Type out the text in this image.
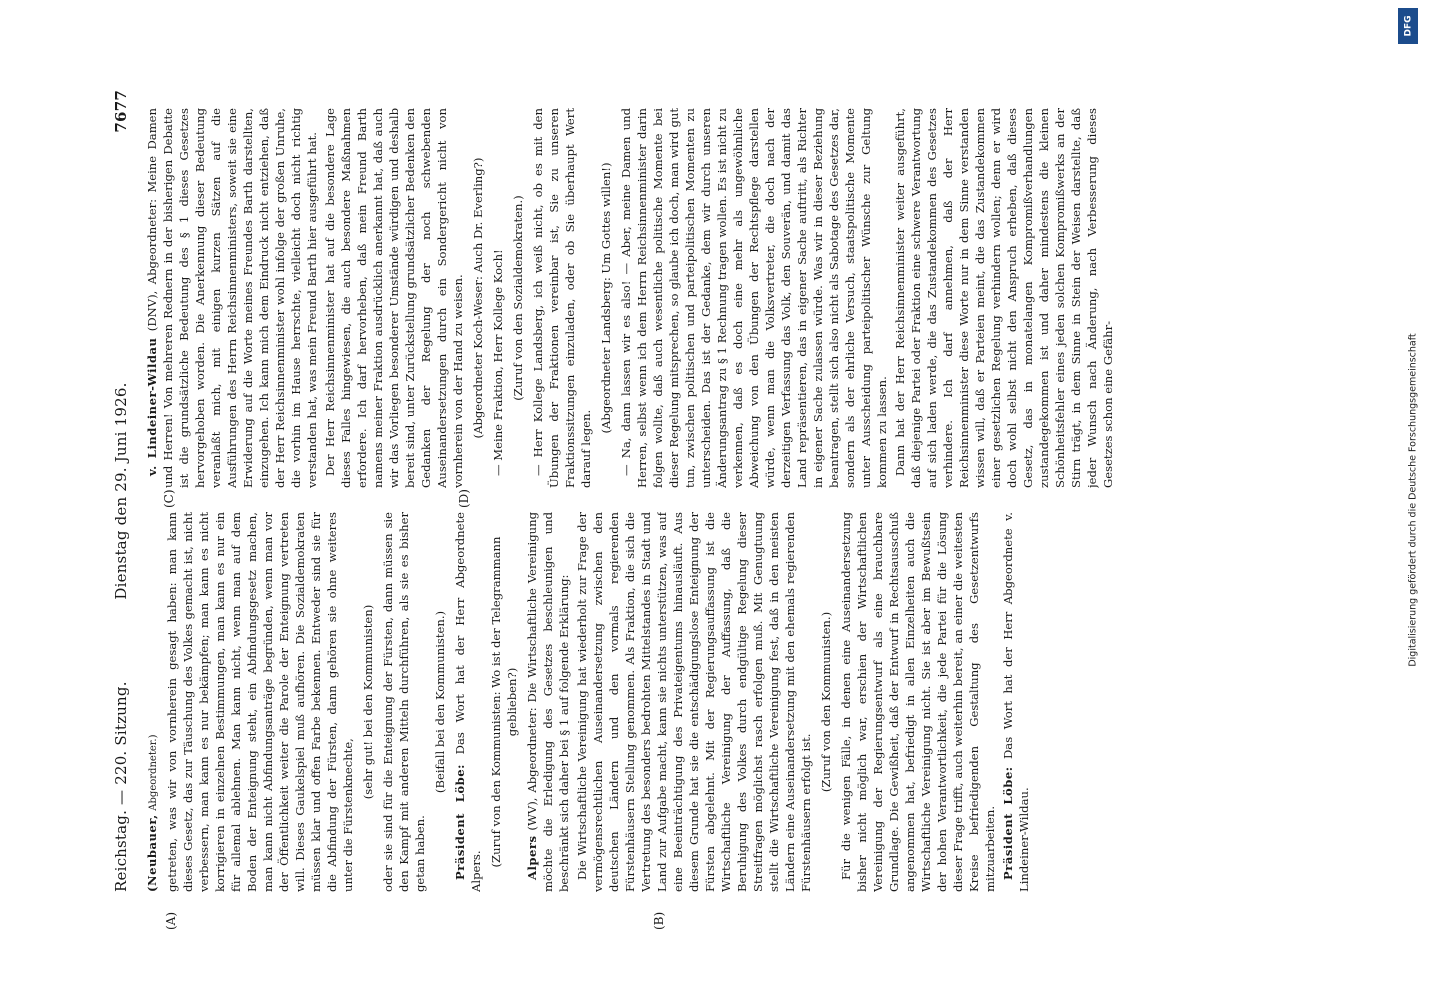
Reichstag. — 220. Sitzung.
Dienstag den 29. Juni 1926.
7677
(A)	(B)
(C)	(D)

(Neubauer, Abgeordneter.) getreten, was wir von vornherein gesagt haben: man kann dieses Gesetz, das zur Täuschung des Volkes gemacht ist, nicht verbessern, man kann es nur bekämpfen; man kann es nicht korrigieren in einzelnen Bestimmungen, man kann es nur ein für allemal ablehnen. Man kann nicht, wenn man auf dem Boden der Enteignung steht, ein Abfindungsgesetz machen, man kann nicht Abfindungsanträge begründen, wenn man vor der Öffentlichkeit weiter die Parole der Enteignung vertreten will. Dieses Gaukelspiel muß aufhören. Die Sozialdemokraten müssen klar und offen Farbe bekennen. Entweder sind sie für die Abfindung der Fürsten, dann gehören sie ohne weiteres unter die Fürstenknechte,

(sehr gut! bei den Kommunisten) oder sie sind für die Enteignung der Fürsten, dann müssen sie den Kampf mit anderen Mitteln durchführen, als sie es bisher getan haben.

(Beifall bei den Kommunisten.)

Präsident Löbe: Das Wort hat der Herr Abgeordnete Alpers.

(Zuruf von den Kommunisten: Wo ist der Telegrammann geblieben?)

Alpers (WV), Abgeordneter: Die Wirtschaftliche Vereinigung möchte die Erledigung des Gesetzes beschleunigen und beschränkt sich daher bei § 1 auf folgende Erklärung: Die Wirtschaftliche Vereinigung hat wiederholt zur Frage der vermögensrechtlichen Auseinandersetzung zwischen den deutschen Ländern und den vormals regierenden Fürstenhäusern Stellung genommen. Als Fraktion, die sich die Vertretung des besonders bedrohten Mittelstandes in Stadt und Land zur Aufgabe macht, kann sie nichts unterstützen, was auf eine Beeinträchtigung des Privateigentums hinausläuft. Aus diesem Grunde hat sie die entschädigungslose Enteignung der Fürsten abgelehnt. Mit der Regierungsauffassung ist die Wirtschaftliche Vereinigung der Auffassung, daß die Beruhigung des Volkes durch endgültige Regelung dieser Streitfragen möglichst rasch erfolgen muß. Mit Genugtuung stellt die Wirtschaftliche Vereinigung fest, daß in den meisten Ländern eine Auseinandersetzung mit den ehemals regierenden Fürstenhäusern erfolgt ist.

(Zuruf von den Kommunisten.) Für die wenigen Fälle, in denen eine Auseinandersetzung bisher nicht möglich war, erschien der Wirtschaftlichen Vereinigung der Regierungsentwurf als eine brauchbare Grundlage. Die Gewißheit, daß der Entwurf in Rechtsausschuß angenommen hat, befriedigt in allen Einzelheiten auch die Wirtschaftliche Vereinigung nicht. Sie ist aber im Bewußtsein der hohen Verantwortlichkeit, die jede Partei für die Lösung dieser Frage trifft, auch weiterhin bereit, an einer die weitesten Kreise befriedigenden Gestaltung des Gesetzentwurfs mitzuarbeiten. Präsident Löbe: Das Wort hat der Herr Abgeordnete v. Lindeiner-Wildau.

v. Lindeiner-Wildau (DNV), Abgeordneter: Meine Damen und Herren! Von mehreren Rednern in der bisherigen Debatte ist die grundsätzliche Bedeutung des § 1 dieses Gesetzes hervorgehoben worden. Die Anerkennung dieser Bedeutung veranlaßt mich, mit einigen kurzen Sätzen auf die Ausführungen des Herrn Reichsinnenministers, soweit sie eine Erwiderung auf die Worte meines Freundes Barth darstellten, einzugehen. Ich kann mich dem Eindruck nicht entziehen, daß der Herr Reichsinnenminister wohl infolge der großen Unruhe, die vorhin im Hause herrschte, vielleicht doch nicht richtig verstanden hat, was mein Freund Barth hier ausgeführt hat. Der Herr Reichsinnenminister hat auf die besondere Lage dieses Falles hingewiesen, die auch besondere Maßnahmen erfordere. Ich darf hervorheben, daß mein Freund Barth namens meiner Fraktion ausdrücklich anerkannt hat, daß auch wir das Vorliegen besonderer Umstände würdigen und deshalb bereit sind, unter Zurückstellung grundsätzlicher Bedenken den Gedanken der Regelung der noch schwebenden Auseinandersetzungen durch ein Sondergericht nicht von vornherein von der Hand zu weisen. (Abgeordneter Koch-Weser: Auch Dr. Everling?) — Meine Fraktion, Herr Kollege Koch! (Zuruf von den Sozialdemokraten.) — Herr Kollege Landsberg, ich weiß nicht, ob es mit den Übungen der Fraktionen vereinbar ist, Sie zu unseren Fraktionssitzungen einzuladen, oder ob Sie überhaupt Wert darauf legen.

(Abgeordneter Landsberg: Um Gottes willen!) — Na, dann lassen wir es also! — Aber, meine Damen und Herren, selbst wenn ich dem Herrn Reichsinnenminister darin folgen wollte, daß auch wesentliche politische Momente bei dieser Regelung mitsprechen, so glaube ich doch, man wird gut tun, zwischen politischen und parteipolitischen Momenten zu unterscheiden. Das ist der Gedanke, dem wir durch unseren Änderungsantrag zu § 1 Rechnung tragen wollen. Es ist nicht zu verkennen, daß es doch eine mehr als ungewöhnliche Abweichung von den Übungen der Rechtspflege darstellen würde, wenn man die Volksvertreter, die doch nach der derzeitigen Verfassung das Volk, den Souverän, und damit das Land repräsentieren, das in eigener Sache auftritt, als Richter in eigener Sache zulassen würde. Was wir in dieser Beziehung beantragen, stellt sich also nicht als Sabotage des Gesetzes dar, sondern als der ehrliche Versuch, staatspolitische Momente unter Ausscheidung parteipolitischer Wünsche zur Geltung kommen zu lassen. Dann hat der Herr Reichsinnenminister weiter ausgeführt, daß diejenige Partei oder Fraktion eine schwere Verantwortung auf sich laden werde, die das Zustandekommen des Gesetzes verhindere. Ich darf annehmen, daß der Herr Reichsinnenminister diese Worte nur in dem Sinne verstanden wissen will, daß er Parteien meint, die das Zustandekommen einer gesetzlichen Regelung verhindern wollen; denn er wird doch wohl selbst nicht den Anspruch erheben, daß dieses Gesetz, das in monatelangen Kompromißverhandlungen zustandegekommen ist und daher mindestens die kleinen Schönheitsfehler eines jeden solchen Kompromißwerks an der Stirn trägt, in dem Sinne in Stein der Weisen darstellte, daß jeder Wunsch nach Änderung, nach Verbesserung dieses Gesetzes schon eine Gefähr-

DFG
Digitalisierung gefördert durch die Deutsche Forschungsgemeinschaft
